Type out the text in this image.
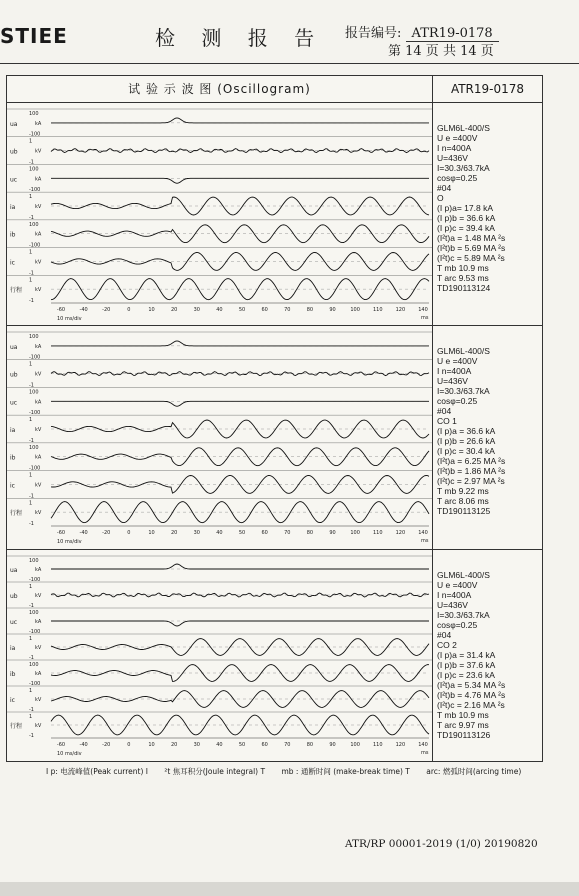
STIEE	检 测 报 告 报告编号: ATR19-0178
第 14 页 共 14 页
试 验 示 波 图 (Oscillogram)	ATR19-0178
ua
100
kA
-100
ub
1
kV
-1
uc
100
kA
-100
ia
1
kV
-1
ib
100
kA
-100
ic
1
kV
-1
行程
1
kV
-1
-60	-40	-20	0	10	20	30	40	50	60	70	80	90	100	110	120	140
ms
10 ms/div
GLM6L-400/S
U e =400V
I n=400A
U=436V
I=30.3/63.7kA
cosφ=0.25
#04
O
(I p)a= 17.8 kA
(I p)b = 36.6 kA
(I p)c = 39.4 kA
(I²t)a = 1.48 MA ²s
(I²t)b = 5.69 MA ²s
(I²t)c = 5.89 MA ²s
T mb 10.9 ms
T arc 9.53 ms
TD190113124
ua
100
kA
-100
ub
1
kV
-1
uc
100
kA
-100
ia
1
kV
-1
ib
100
kA
-100
ic
1
kV
-1
行程
1
kV
-1
-60	-40	-20	0	10	20	30	40	50	60	70	80	90	100	110	120	140
ms
10 ms/div
GLM6L-400/S
U e =400V
I n=400A
U=436V
I=30.3/63.7kA
cosφ=0.25
#04
CO 1
(I p)a = 36.6 kA
(I p)b = 26.6 kA
(I p)c = 30.4 kA
(I²t)a = 6.25 MA ²s
(I²t)b = 1.86 MA ²s
(I²t)c = 2.97 MA ²s
T mb 9.22 ms
T arc 8.06 ms
TD190113125
ua
100
kA
-100
ub
1
kV
-1
uc
100
kA
-100
ia
1
kV
-1
ib
100
kA
-100
ic
1
kV
-1
行程
1
kV
-1
-60	-40	-20	0	10	20	30	40	50	60	70	80	90	100	110	120	140
ms
10 ms/div
GLM6L-400/S
U e =400V
I n=400A
U=436V
I=30.3/63.7kA
cosφ=0.25
#04
CO 2
(I p)a = 31.4 kA
(I p)b = 37.6 kA
(I p)c = 23.6 kA
(I²t)a = 5.34 MA ²s
(I²t)b = 4.76 MA ²s
(I²t)c = 2.16 MA ²s
T mb 10.9 ms
T arc 9.97 ms
TD190113126
I p: 电流峰值(Peak current) I ²t 焦耳积分(Joule integral) T mb : 通断时间 (make-break time) T arc: 燃弧时间(arcing time)
ATR/RP 00001-2019 (1/0) 20190820
